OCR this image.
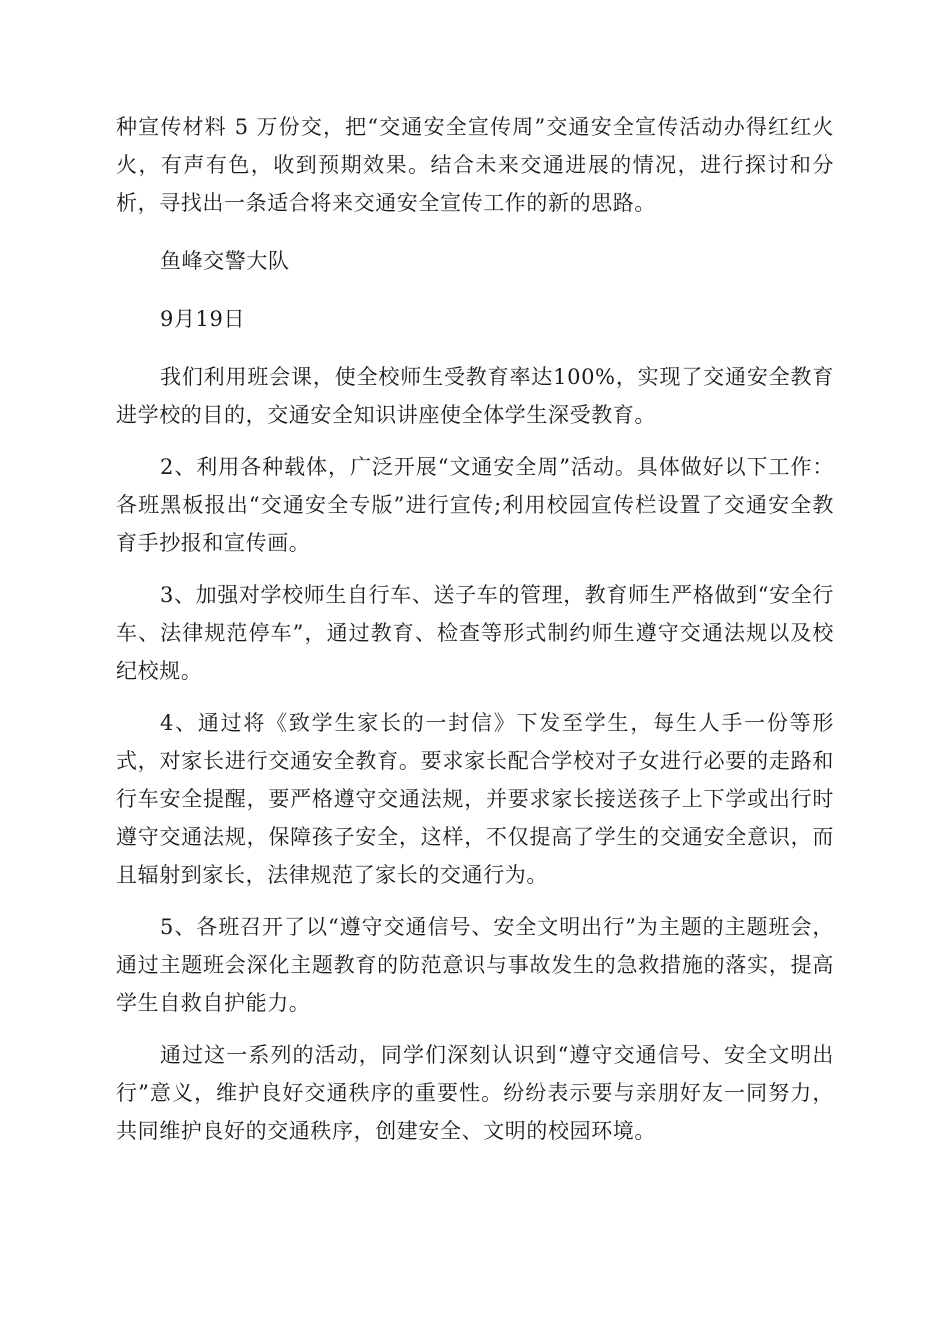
种宣传材料 5 万份交，把“交通安全宣传周”交通安全宣传活动办得红红火火，有声有色，收到预期效果。结合未来交通进展的情况，进行探讨和分析，寻找出一条适合将来交通安全宣传工作的新的思路。

鱼峰交警大队

9月19日

我们利用班会课，使全校师生受教育率达100%，实现了交通安全教育进学校的目的，交通安全知识讲座使全体学生深受教育。

2、利用各种载体，广泛开展“文通安全周”活动。具体做好以下工作：各班黑板报出“交通安全专版”进行宣传;利用校园宣传栏设置了交通安全教育手抄报和宣传画。

3、加强对学校师生自行车、送子车的管理，教育师生严格做到“安全行车、法律规范停车”，通过教育、检查等形式制约师生遵守交通法规以及校纪校规。

4、通过将《致学生家长的一封信》下发至学生，每生人手一份等形式，对家长进行交通安全教育。要求家长配合学校对子女进行必要的走路和行车安全提醒，要严格遵守交通法规，并要求家长接送孩子上下学或出行时遵守交通法规，保障孩子安全，这样，不仅提高了学生的交通安全意识，而且辐射到家长，法律规范了家长的交通行为。

5、各班召开了以“遵守交通信号、安全文明出行”为主题的主题班会，通过主题班会深化主题教育的防范意识与事故发生的急救措施的落实，提高学生自救自护能力。

通过这一系列的活动，同学们深刻认识到“遵守交通信号、安全文明出行”意义，维护良好交通秩序的重要性。纷纷表示要与亲朋好友一同努力，共同维护良好的交通秩序，创建安全、文明的校园环境。
